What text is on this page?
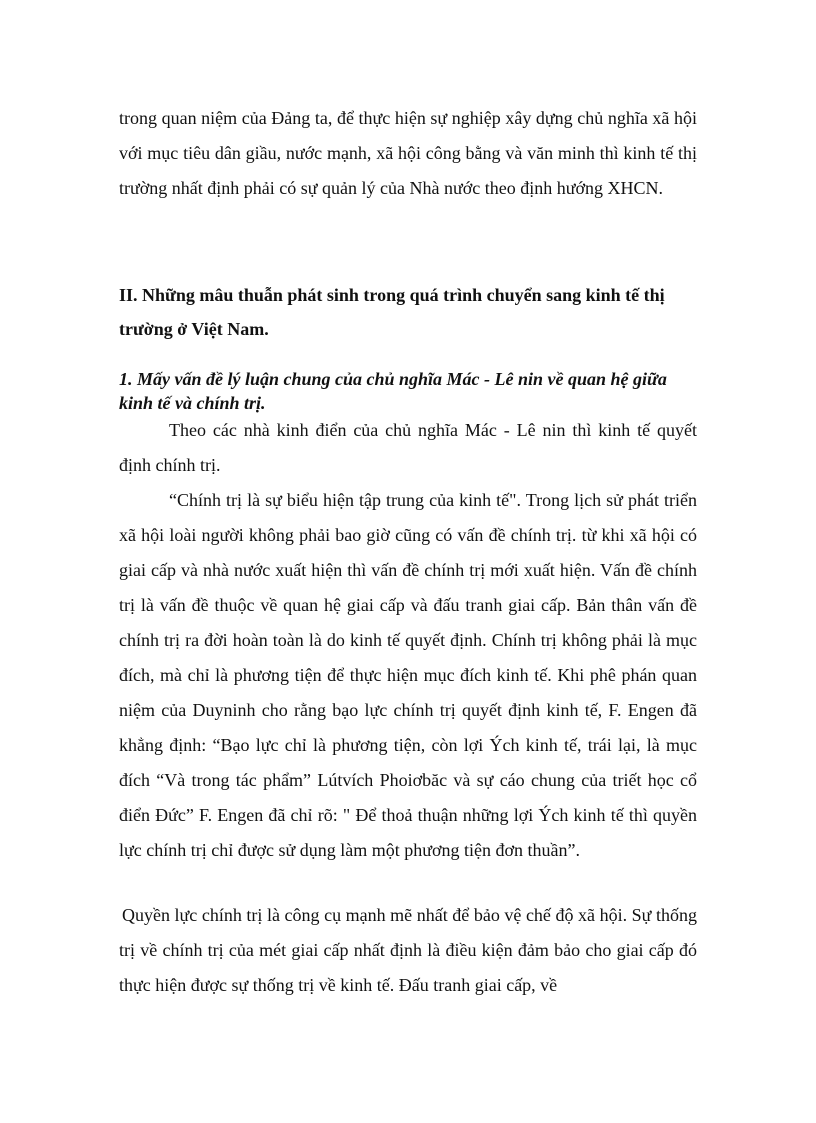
trong quan niệm của Đảng ta, để thực hiện sự nghiệp xây dựng chủ nghĩa xã hội với mục tiêu dân giầu, nước mạnh, xã hội công bằng và văn minh thì kinh tế thị trường nhất định phải có sự quản lý của Nhà nước theo định hướng XHCN.

II. Những mâu thuẫn phát sinh trong quá trình chuyển sang kinh tế thị trường ở Việt Nam.

1. Mấy vấn đề lý luận chung của chủ nghĩa Mác - Lê nin về quan hệ giữa kinh tế và chính trị.

Theo các nhà kinh điển của chủ nghĩa Mác - Lê nin thì kinh tế quyết định chính trị.

“Chính trị là sự biểu hiện tập trung của kinh tế". Trong lịch sử phát triển xã hội loài người không phải bao giờ cũng có vấn đề chính trị. từ khi xã hội có giai cấp và nhà nước xuất hiện thì vấn đề chính trị mới xuất hiện. Vấn đề chính trị là vấn đề thuộc về quan hệ giai cấp và đấu tranh giai cấp. Bản thân vấn đề chính trị ra đời hoàn toàn là do kinh tế quyết định. Chính trị không phải là mục đích, mà chỉ là phương tiện để thực hiện mục đích kinh tế. Khi phê phán quan niệm của Duyninh cho rằng bạo lực chính trị quyết định kinh tế, F. Engen đã khẳng định: “Bạo lực chỉ là phương tiện, còn lợi Ých kinh tế, trái lại, là mục đích “Và trong tác phẩm” Lútvích Phoiơbăc và sự cáo chung của triết học cổ điển Đức” F. Engen đã chỉ rõ: " Để thoả thuận những lợi Ých kinh tế thì quyền lực chính trị chỉ được sử dụng làm một phương tiện đơn thuần”.

Quyền lực chính trị là công cụ mạnh mẽ nhất để bảo vệ chế độ xã hội. Sự thống trị về chính trị của mét giai cấp nhất định là điều kiện đảm bảo cho giai cấp đó thực hiện được sự thống trị về kinh tế. Đấu tranh giai cấp, về
